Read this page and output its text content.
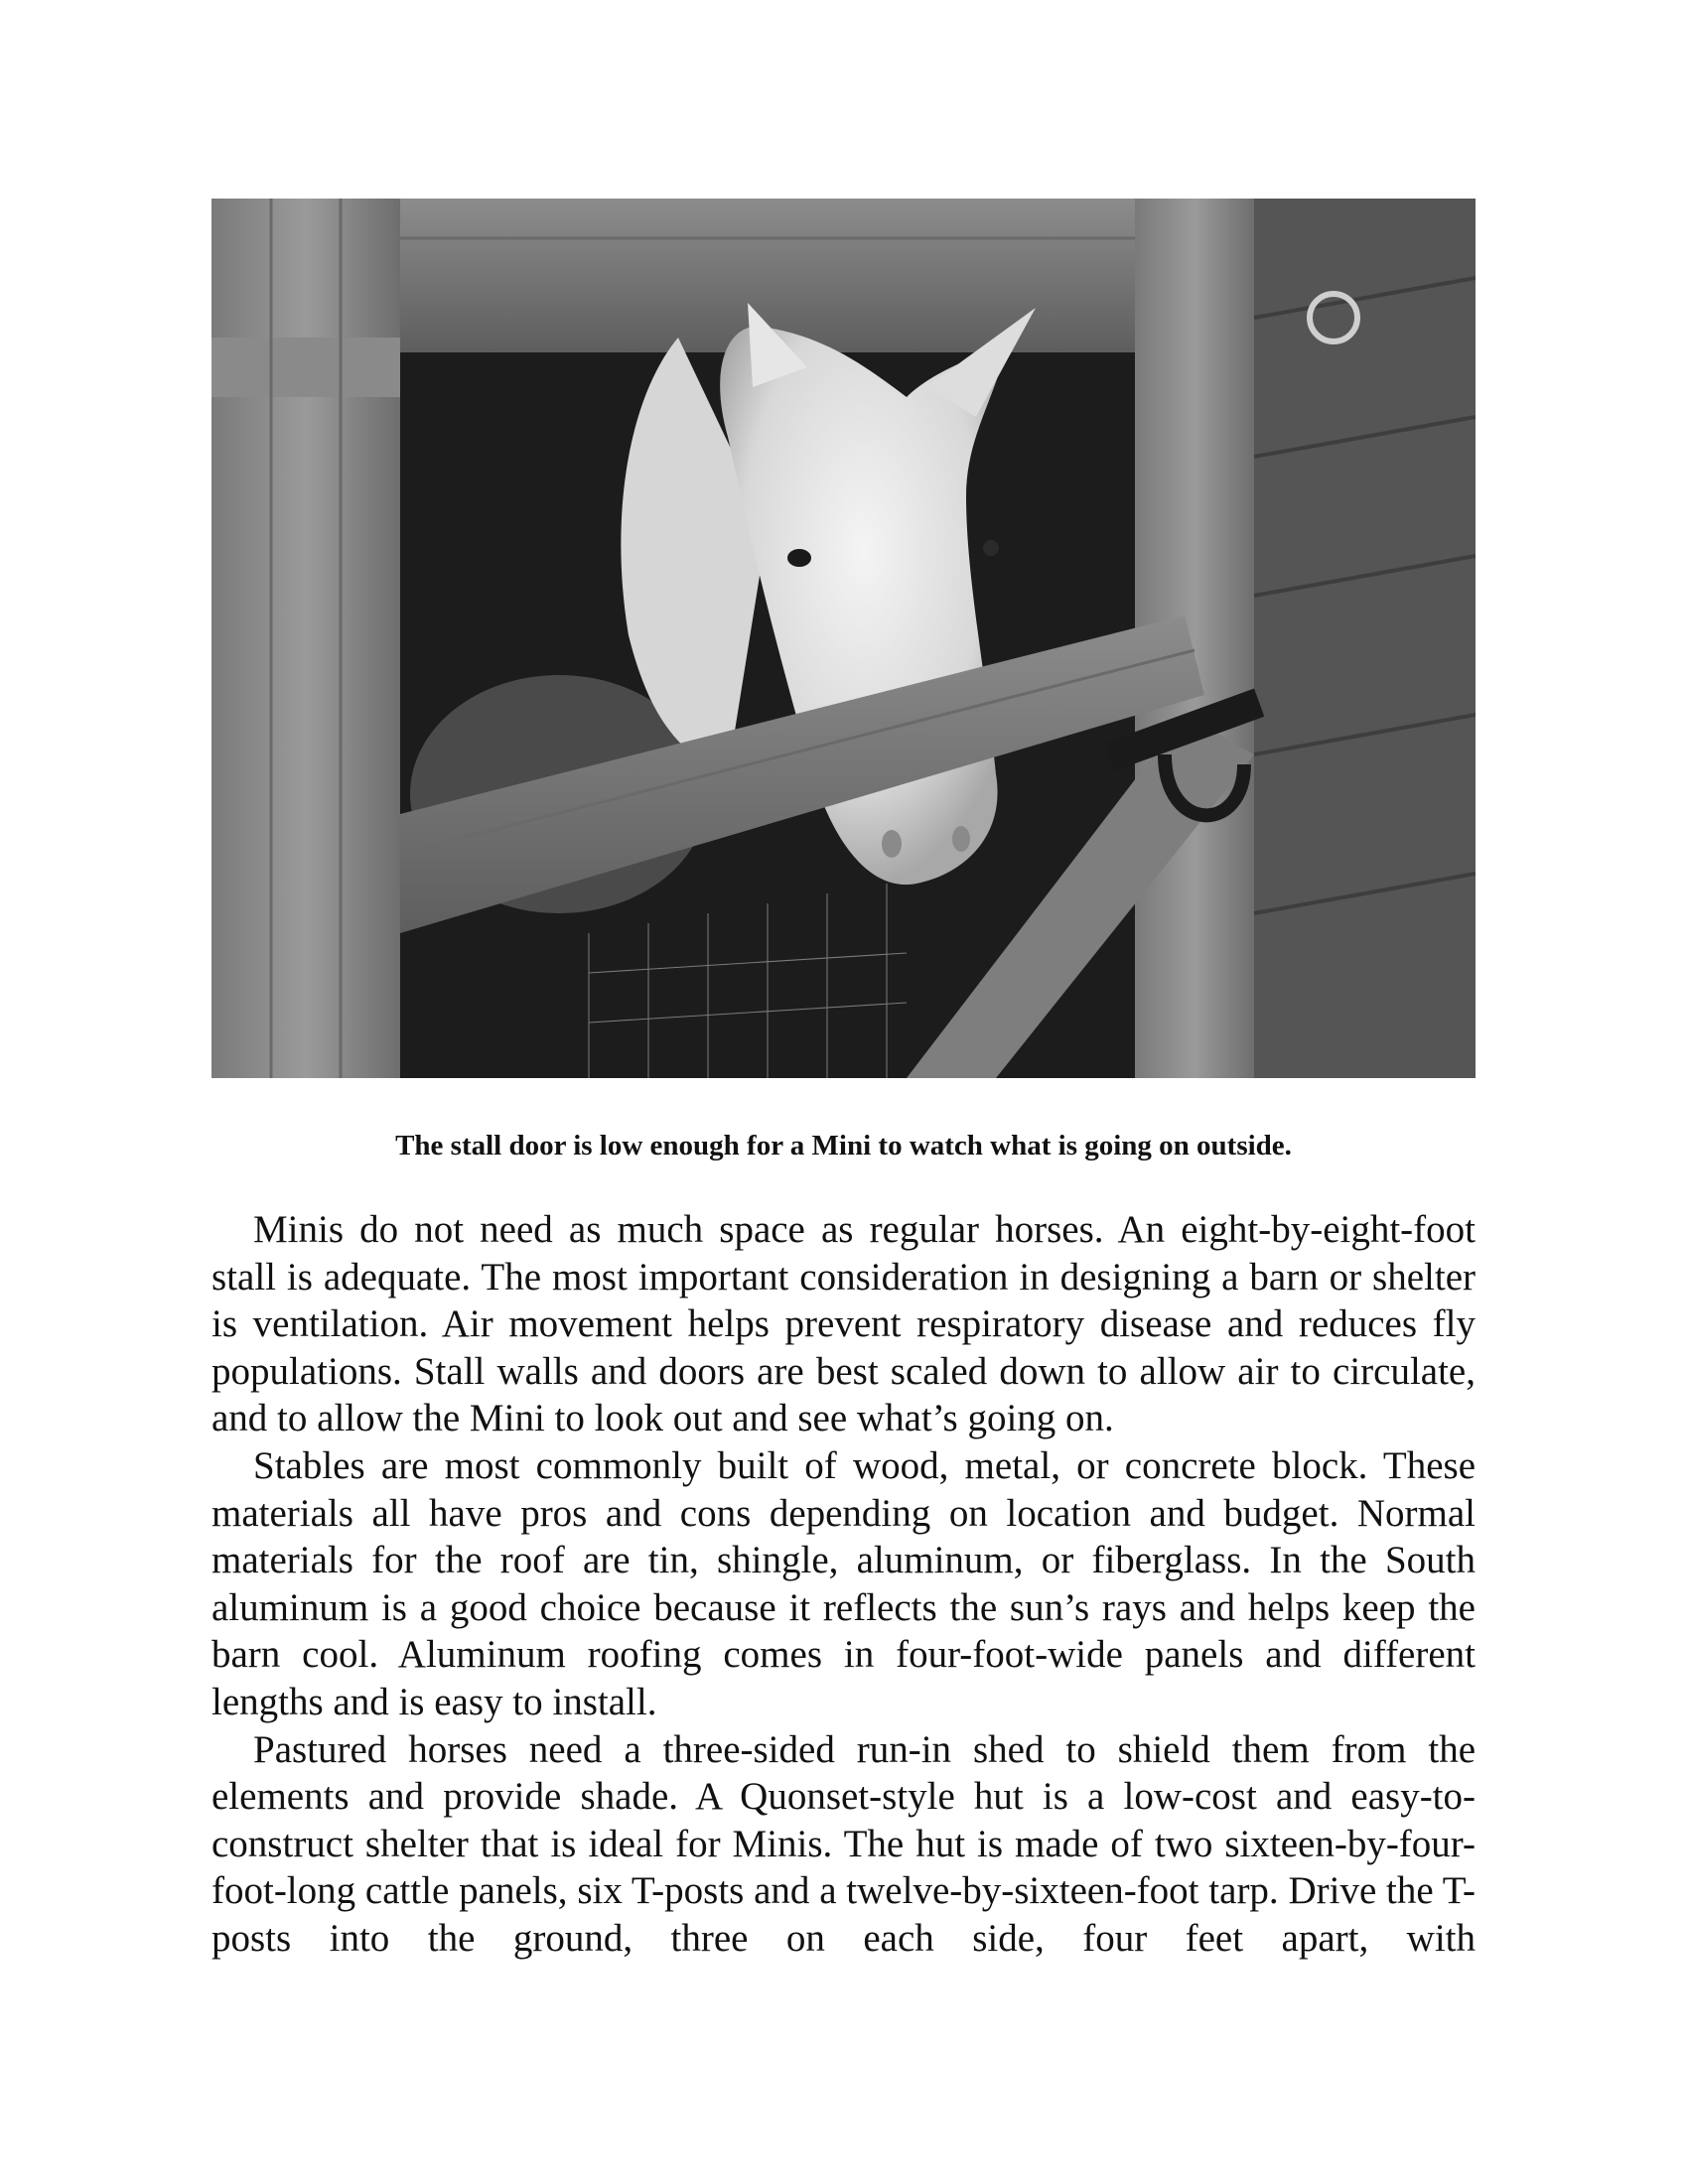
The stall door is low enough for a Mini to watch what is going on outside.

Minis do not need as much space as regular horses. An eight-by-eight-foot stall is adequate. The most important consideration in designing a barn or shelter is ventilation. Air movement helps prevent respiratory disease and reduces fly populations. Stall walls and doors are best scaled down to allow air to circulate, and to allow the Mini to look out and see what’s going on.

Stables are most commonly built of wood, metal, or concrete block. These materials all have pros and cons depending on location and budget. Normal materials for the roof are tin, shingle, aluminum, or fiberglass. In the South aluminum is a good choice because it reflects the sun’s rays and helps keep the barn cool. Aluminum roofing comes in four-foot-wide panels and different lengths and is easy to install.

Pastured horses need a three-sided run-in shed to shield them from the elements and provide shade. A Quonset-style hut is a low-cost and easy-to-construct shelter that is ideal for Minis. The hut is made of two sixteen-by-four-foot-long cattle panels, six T-posts and a twelve-by-sixteen-foot tarp. Drive the T-posts into the ground, three on each side, four feet apart, with
